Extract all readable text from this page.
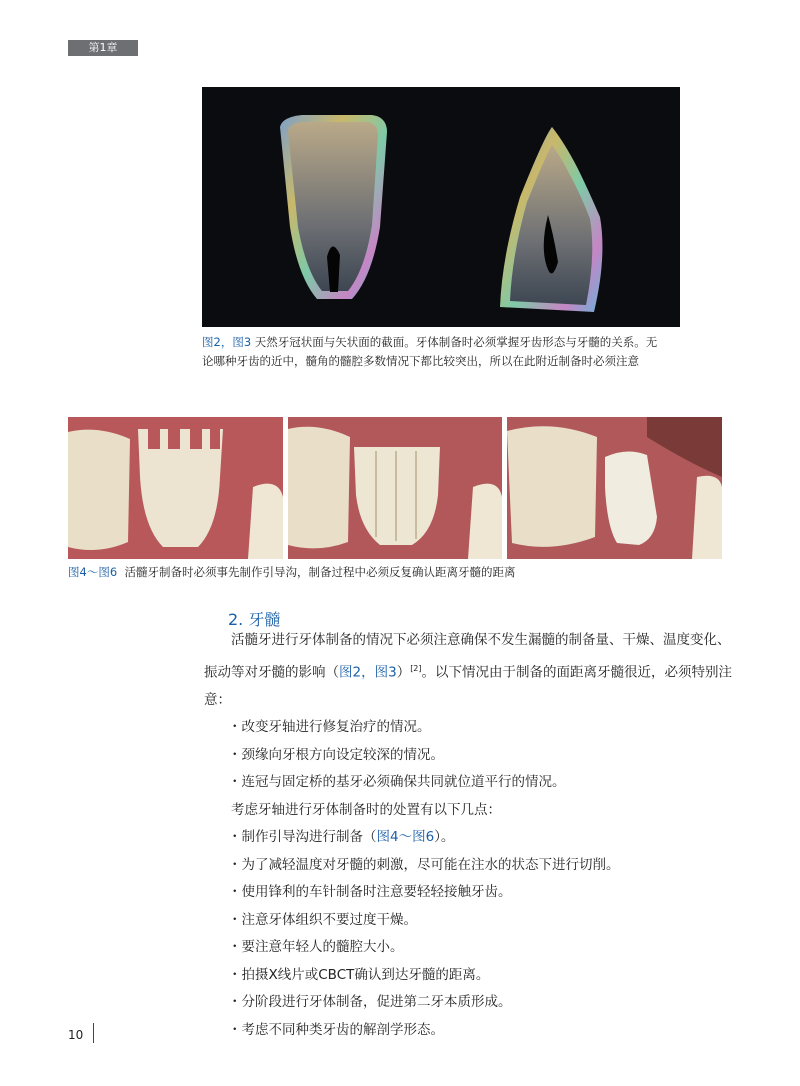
第1章
图2，图3 天然牙冠状面与矢状面的截面。牙体制备时必须掌握牙齿形态与牙髓的关系。无
论哪种牙齿的近中，髓角的髓腔多数情况下都比较突出，所以在此附近制备时必须注意
图4～图6 活髓牙制备时必须事先制作引导沟，制备过程中必须反复确认距离牙髓的距离
2. 牙髓

活髓牙进行牙体制备的情况下必须注意确保不发生漏髓的制备量、干燥、温度变化、振动等对牙髓的影响（图2，图3）[2]。以下情况由于制备的面距离牙髓很近，必须特别注意：

・改变牙轴进行修复治疗的情况。

・颈缘向牙根方向设定较深的情况。

・连冠与固定桥的基牙必须确保共同就位道平行的情况。

考虑牙轴进行牙体制备时的处置有以下几点：

・制作引导沟进行制备（图4～图6）。

・为了减轻温度对牙髓的刺激，尽可能在注水的状态下进行切削。

・使用锋利的车针制备时注意要轻轻接触牙齿。

・注意牙体组织不要过度干燥。

・要注意年轻人的髓腔大小。

・拍摄X线片或CBCT确认到达牙髓的距离。

・分阶段进行牙体制备，促进第二牙本质形成。

・考虑不同种类牙齿的解剖学形态。

10
